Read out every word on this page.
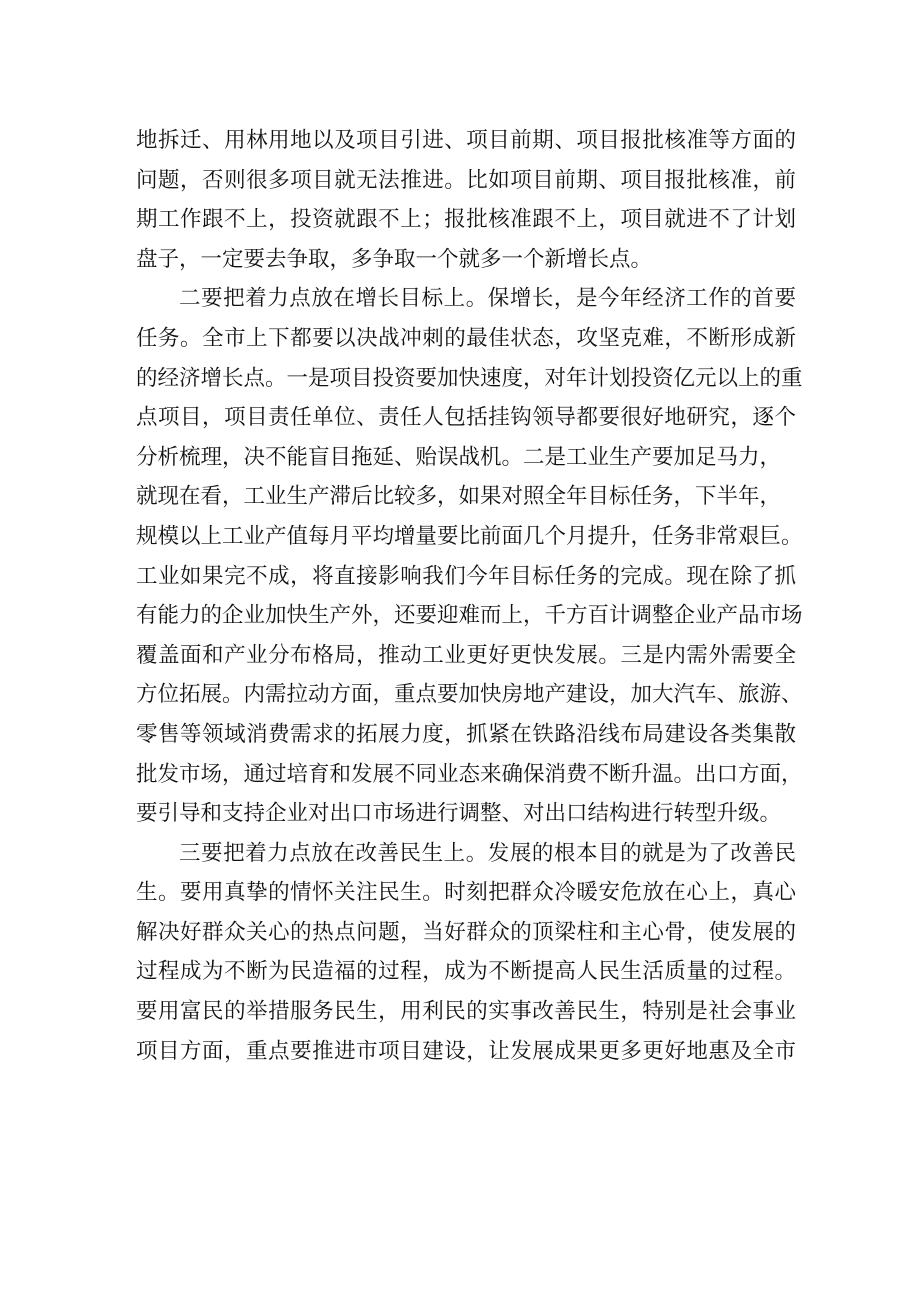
地拆迁、用林用地以及项目引进、项目前期、项目报批核准等方面的
问题，否则很多项目就无法推进。比如项目前期、项目报批核准，前
期工作跟不上，投资就跟不上；报批核准跟不上，项目就进不了计划
盘子，一定要去争取，多争取一个就多一个新增长点。
二要把着力点放在增长目标上。保增长，是今年经济工作的首要
任务。全市上下都要以决战冲刺的最佳状态，攻坚克难，不断形成新
的经济增长点。一是项目投资要加快速度，对年计划投资亿元以上的重
点项目，项目责任单位、责任人包括挂钩领导都要很好地研究，逐个
分析梳理，决不能盲目拖延、贻误战机。二是工业生产要加足马力，
就现在看，工业生产滞后比较多，如果对照全年目标任务，下半年，
规模以上工业产值每月平均增量要比前面几个月提升，任务非常艰巨。
工业如果完不成，将直接影响我们今年目标任务的完成。现在除了抓
有能力的企业加快生产外，还要迎难而上，千方百计调整企业产品市场
覆盖面和产业分布格局，推动工业更好更快发展。三是内需外需要全
方位拓展。内需拉动方面，重点要加快房地产建设，加大汽车、旅游、
零售等领域消费需求的拓展力度，抓紧在铁路沿线布局建设各类集散
批发市场，通过培育和发展不同业态来确保消费不断升温。出口方面，
要引导和支持企业对出口市场进行调整、对出口结构进行转型升级。
三要把着力点放在改善民生上。发展的根本目的就是为了改善民
生。要用真挚的情怀关注民生。时刻把群众冷暖安危放在心上，真心
解决好群众关心的热点问题，当好群众的顶梁柱和主心骨，使发展的
过程成为不断为民造福的过程，成为不断提高人民生活质量的过程。
要用富民的举措服务民生，用利民的实事改善民生，特别是社会事业
项目方面，重点要推进市项目建设，让发展成果更多更好地惠及全市
